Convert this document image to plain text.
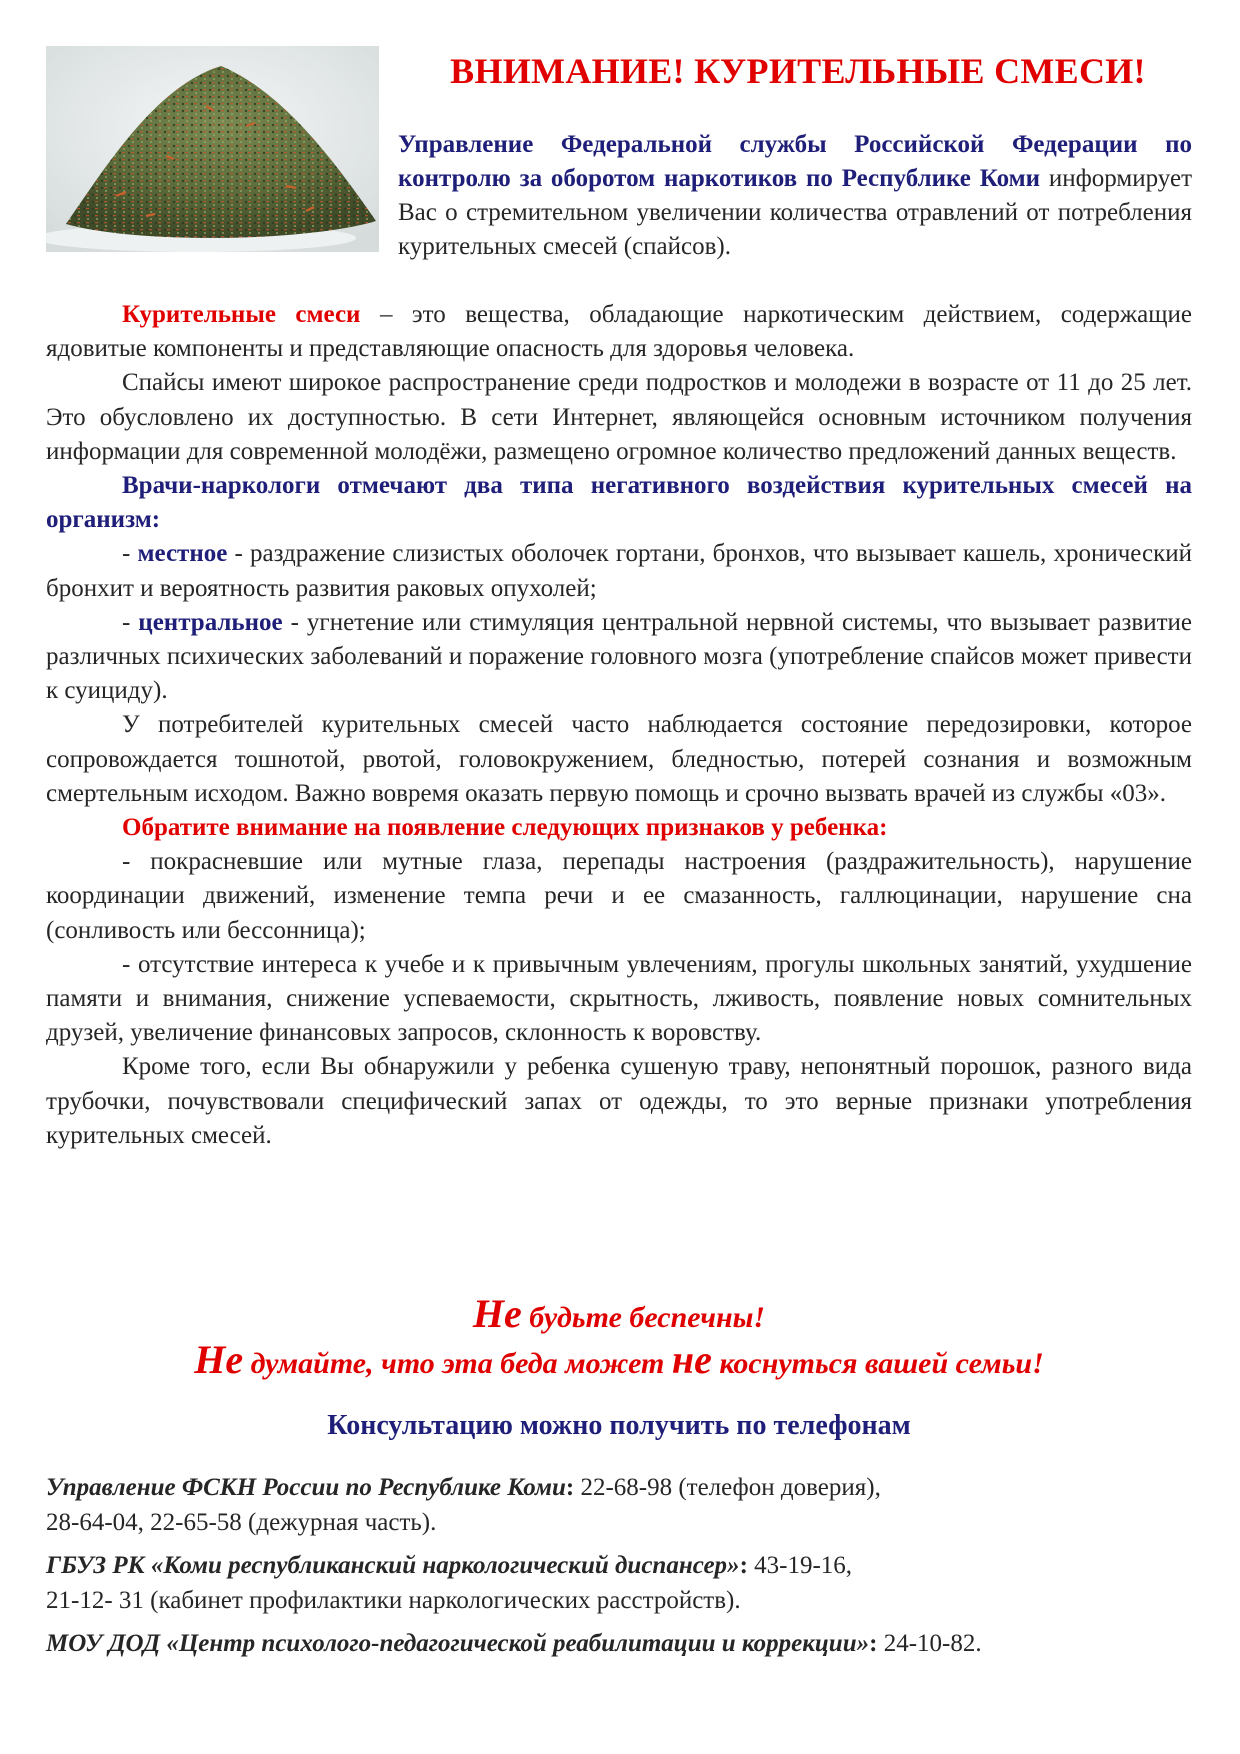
ВНИМАНИЕ! КУРИТЕЛЬНЫЕ СМЕСИ!
Управление Федеральной службы Российской Федерации по контролю за оборотом наркотиков по Республике Коми информирует Вас о стремительном увеличении количества отравлений от потребления курительных смесей (спайсов).

Курительные смеси – это вещества, обладающие наркотическим действием, содержащие ядовитые компоненты и представляющие опасность для здоровья человека.

Спайсы имеют широкое распространение среди подростков и молодежи в возрасте от 11 до 25 лет. Это обусловлено их доступностью. В сети Интернет, являющейся основным источником получения информации для современной молодёжи, размещено огромное количество предложений данных веществ.

Врачи-наркологи отмечают два типа негативного воздействия курительных смесей на организм:

- местное - раздражение слизистых оболочек гортани, бронхов, что вызывает кашель, хронический бронхит и вероятность развития раковых опухолей;

- центральное - угнетение или стимуляция центральной нервной системы, что вызывает развитие различных психических заболеваний и поражение головного мозга (употребление спайсов может привести к суициду).

У потребителей курительных смесей часто наблюдается состояние передозировки, которое сопровождается тошнотой, рвотой, головокружением, бледностью, потерей сознания и возможным смертельным исходом. Важно вовремя оказать первую помощь и срочно вызвать врачей из службы «03».

Обратите внимание на появление следующих признаков у ребенка:

- покрасневшие или мутные глаза, перепады настроения (раздражительность), нарушение координации движений, изменение темпа речи и ее смазанность, галлюцинации, нарушение сна (сонливость или бессонница);

- отсутствие интереса к учебе и к привычным увлечениям, прогулы школьных занятий, ухудшение памяти и внимания, снижение успеваемости, скрытность, лживость, появление новых сомнительных друзей, увеличение финансовых запросов, склонность к воровству.

Кроме того, если Вы обнаружили у ребенка сушеную траву, непонятный порошок, разного вида трубочки, почувствовали специфический запах от одежды, то это верные признаки употребления курительных смесей.

Не будьте беспечны!
Не думайте, что эта беда может не коснуться вашей семьи!
Консультацию можно получить по телефонам

Управление ФСКН России по Республике Коми: 22-68-98 (телефон доверия),
28-64-04, 22-65-58 (дежурная часть).

ГБУЗ РК «Коми республиканский наркологический диспансер»: 43-19-16,
21-12- 31 (кабинет профилактики наркологических расстройств).

МОУ ДОД «Центр психолого-педагогической реабилитации и коррекции»: 24-10-82.
